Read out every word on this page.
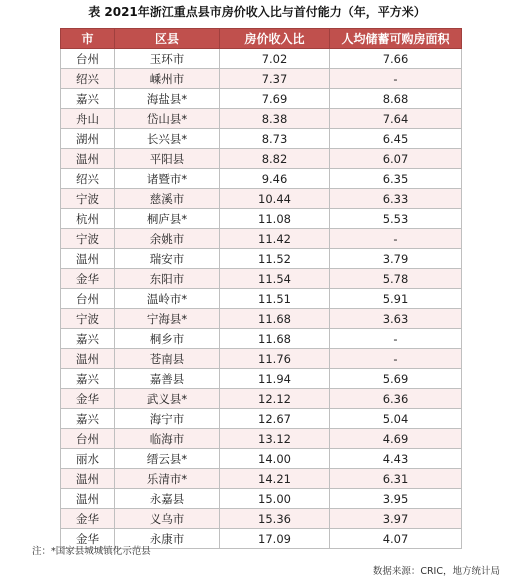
表 2021年浙江重点县市房价收入比与首付能力（年，平方米）
市	区县	房价收入比	人均储蓄可购房面积
台州	玉环市	7.02	7.66
绍兴	嵊州市	7.37	-
嘉兴	海盐县*	7.69	8.68
舟山	岱山县*	8.38	7.64
湖州	长兴县*	8.73	6.45
温州	平阳县	8.82	6.07
绍兴	诸暨市*	9.46	6.35
宁波	慈溪市	10.44	6.33
杭州	桐庐县*	11.08	5.53
宁波	余姚市	11.42	-
温州	瑞安市	11.52	3.79
金华	东阳市	11.54	5.78
台州	温岭市*	11.51	5.91
宁波	宁海县*	11.68	3.63
嘉兴	桐乡市	11.68	-
温州	苍南县	11.76	-
嘉兴	嘉善县	11.94	5.69
金华	武义县*	12.12	6.36
嘉兴	海宁市	12.67	5.04
台州	临海市	13.12	4.69
丽水	缙云县*	14.00	4.43
温州	乐清市*	14.21	6.31
温州	永嘉县	15.00	3.95
金华	义乌市	15.36	3.97
金华	永康市	17.09	4.07
注：*国家县城城镇化示范县
数据来源：CRIC，地方统计局
